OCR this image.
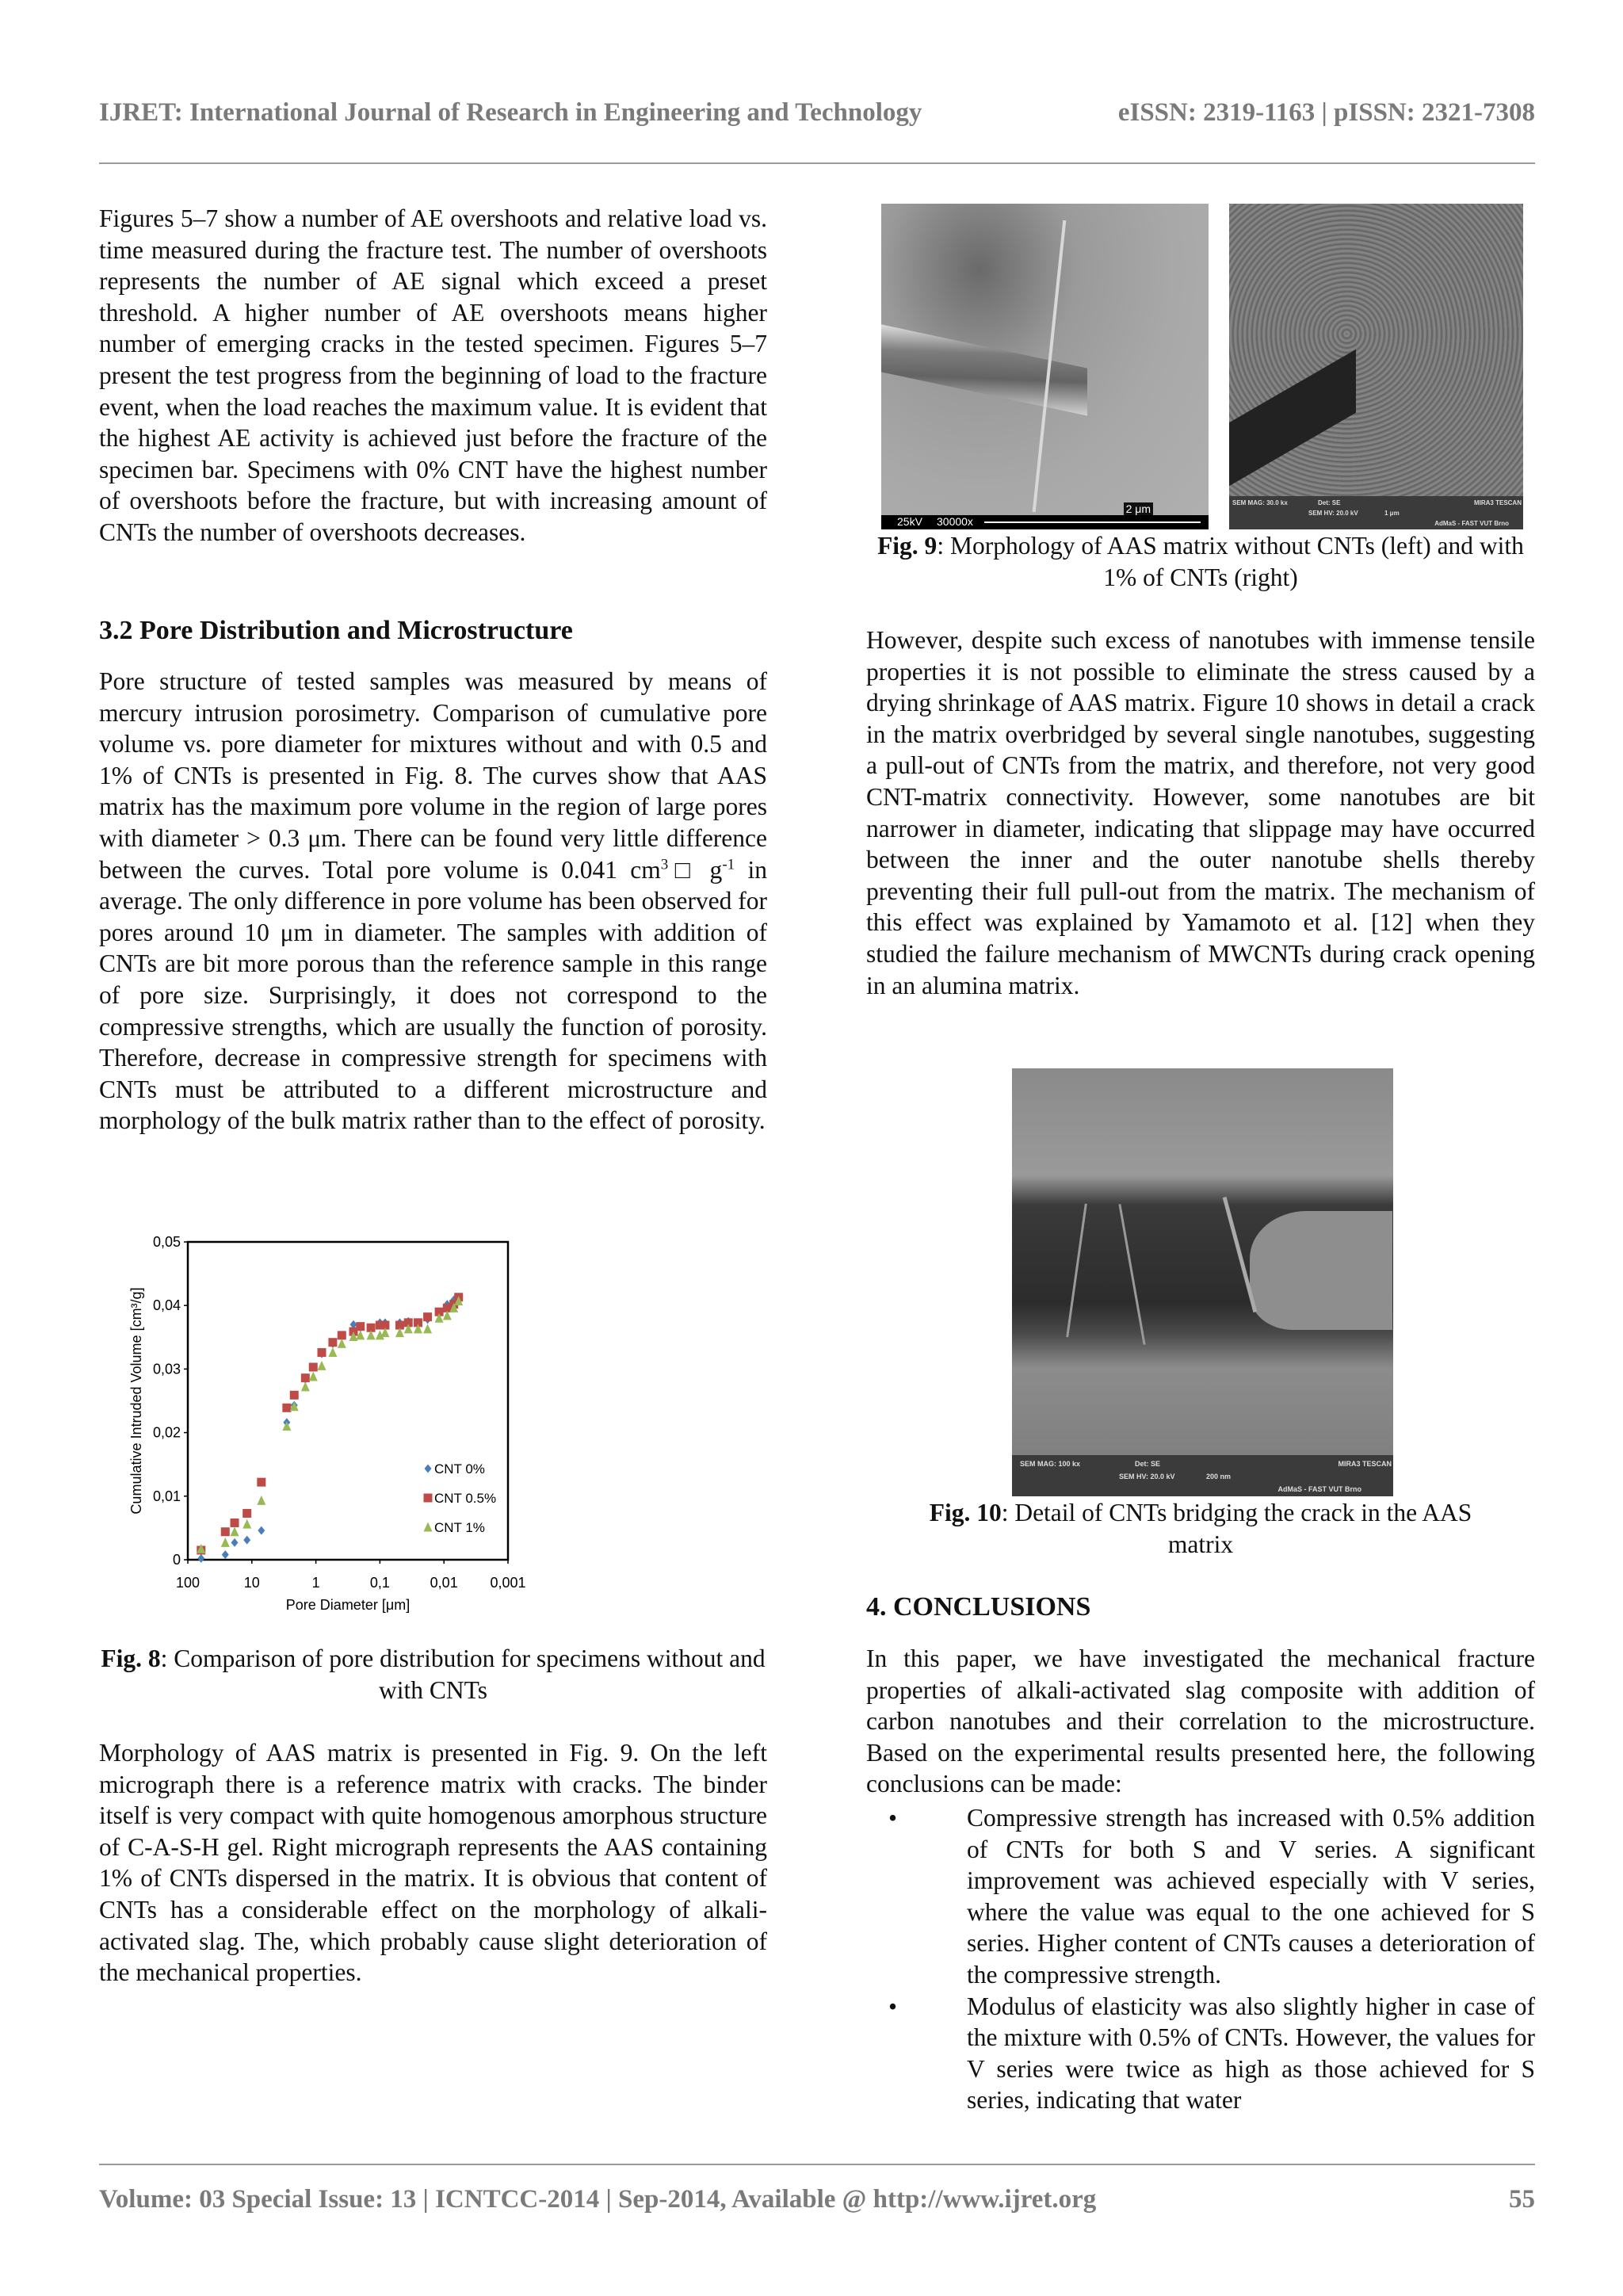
IJRET: International Journal of Research in Engineering and Technology	eISSN: 2319-1163 | pISSN: 2321-7308

Figures 5–7 show a number of AE overshoots and relative load vs. time measured during the fracture test. The number of overshoots represents the number of AE signal which exceed a preset threshold. A higher number of AE overshoots means higher number of emerging cracks in the tested specimen. Figures 5–7 present the test progress from the beginning of load to the fracture event, when the load reaches the maximum value. It is evident that the highest AE activity is achieved just before the fracture of the specimen bar. Specimens with 0% CNT have the highest number of overshoots before the fracture, but with increasing amount of CNTs the number of overshoots decreases.

3.2 Pore Distribution and Microstructure

Pore structure of tested samples was measured by means of mercury intrusion porosimetry. Comparison of cumulative pore volume vs. pore diameter for mixtures without and with 0.5 and 1% of CNTs is presented in Fig. 8. The curves show that AAS matrix has the maximum pore volume in the region of large pores with diameter > 0.3 μm. There can be found very little difference between the curves. Total pore volume is 0.041 $cm^3□$ $g^{-1}$ in average. The only difference in pore volume has been observed for pores around 10 μm in diameter. The samples with addition of CNTs are bit more porous than the reference sample in this range of pore size. Surprisingly, it does not correspond to the compressive strengths, which are usually the function of porosity. Therefore, decrease in compressive strength for specimens with CNTs must be attributed to a different microstructure and morphology of the bulk matrix rather than to the effect of porosity.

0
0,01
0,02
0,03
0,04
0,05
100	10	1	0,1	0,01 0,001
Pore Diameter [μm]
Cumulative Intruded Volume [cm³/g]	CNT 0%
CNT 0.5%
CNT 1%
Fig. 8: Comparison of pore distribution for specimens without and with CNTs

Morphology of AAS matrix is presented in Fig. 9. On the left micrograph there is a reference matrix with cracks. The binder itself is very compact with quite homogenous amorphous structure of C-A-S-H gel. Right micrograph represents the AAS containing 1% of CNTs dispersed in the matrix. It is obvious that content of CNTs has a considerable effect on the morphology of alkali-activated slag. The, which probably cause slight deterioration of the mechanical properties.

2 μm
25kV 30000x
SEM MAG: 30.0 kx	Det: SE
SEM HV: 20.0 kV	1 μm
MIRA3 TESCAN
AdMaS - FAST VUT Brno
Fig. 9: Morphology of AAS matrix without CNTs (left) and with 1% of CNTs (right)

However, despite such excess of nanotubes with immense tensile properties it is not possible to eliminate the stress caused by a drying shrinkage of AAS matrix. Figure 10 shows in detail a crack in the matrix overbridged by several single nanotubes, suggesting a pull-out of CNTs from the matrix, and therefore, not very good CNT-matrix connectivity. However, some nanotubes are bit narrower in diameter, indicating that slippage may have occurred between the inner and the outer nanotube shells thereby preventing their full pull-out from the matrix. The mechanism of this effect was explained by Yamamoto et al. [12] when they studied the failure mechanism of MWCNTs during crack opening in an alumina matrix.

SEM MAG: 100 kx	Det: SE
SEM HV: 20.0 kV	200 nm
MIRA3 TESCAN
AdMaS - FAST VUT Brno
Fig. 10: Detail of CNTs bridging the crack in the AAS matrix
4. CONCLUSIONS

In this paper, we have investigated the mechanical fracture properties of alkali-activated slag composite with addition of carbon nanotubes and their correlation to the microstructure. Based on the experimental results presented here, the following conclusions can be made:

•	Compressive strength has increased with 0.5% addition of CNTs for both S and V series. A significant improvement was achieved especially with V series, where the value was equal to the one achieved for S series. Higher content of CNTs causes a deterioration of the compressive strength.
•	Modulus of elasticity was also slightly higher in case of the mixture with 0.5% of CNTs. However, the values for V series were twice as high as those achieved for S series, indicating that water
Volume: 03 Special Issue: 13 | ICNTCC-2014 | Sep-2014, Available @ http://www.ijret.org	55
